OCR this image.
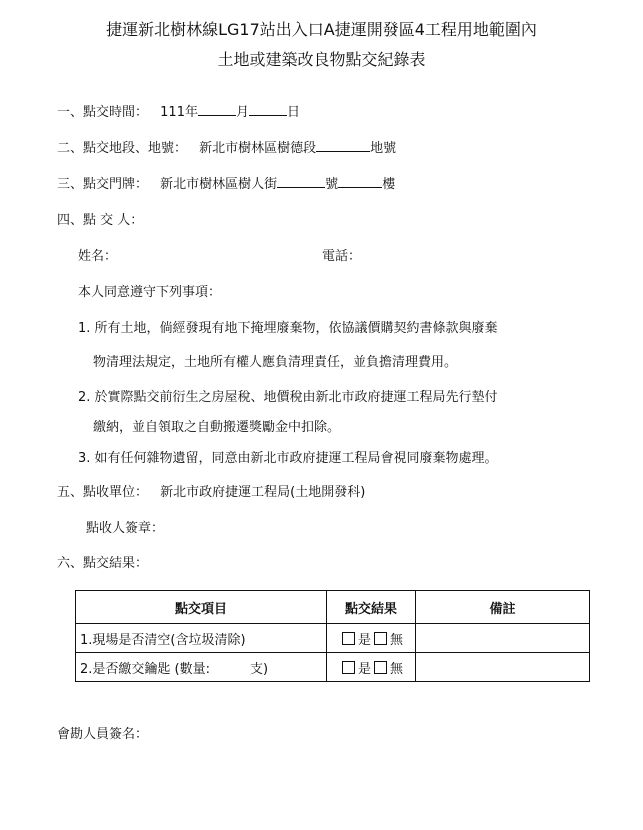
捷運新北樹林線LG17站出入口A捷運開發區4工程用地範圍內
土地或建築改良物點交紀錄表
一、點交時間： 111年	月	日
二、點交地段、地號： 新北市樹林區樹德段	地號
三、點交門牌： 新北市樹林區樹人街	號	樓
四、點 交 人：
姓名：	電話：
本人同意遵守下列事項：
1. 所有土地，倘經發現有地下掩埋廢棄物，依協議價購契約書條款與廢棄
物清理法規定，土地所有權人應負清理責任，並負擔清理費用。
2. 於實際點交前衍生之房屋稅、地價稅由新北市政府捷運工程局先行墊付
繳納，並自領取之自動搬遷獎勵金中扣除。
3. 如有任何雜物遺留，同意由新北市政府捷運工程局會視同廢棄物處理。
五、點收單位： 新北市政府捷運工程局(土地開發科)
點收人簽章：
六、點交結果：
點交項目	點交結果	備註
1.現場是否清空(含垃圾清除)	是 無	
2.是否繳交鑰匙 (數量: 支)	是 無	
會勘人員簽名：
